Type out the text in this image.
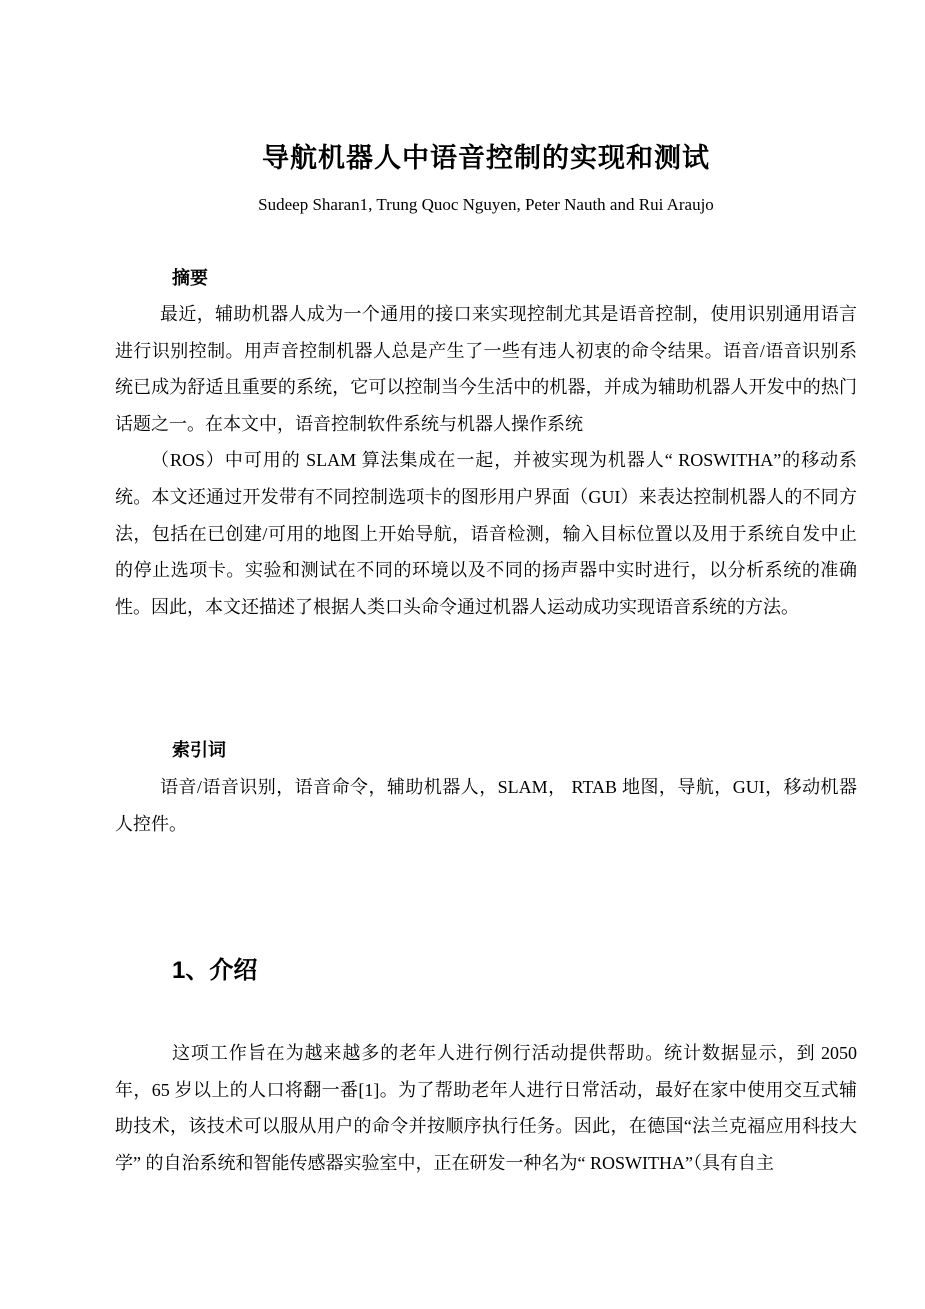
导航机器人中语音控制的实现和测试
Sudeep Sharan1, Trung Quoc Nguyen, Peter Nauth and Rui Araujo
摘要

最近，辅助机器人成为一个通用的接口来实现控制尤其是语音控制，使用识别通用语言进行识别控制。用声音控制机器人总是产生了一些有违人初衷的命令结果。语音/语音识别系统已成为舒适且重要的系统，它可以控制当今生活中的机器，并成为辅助机器人开发中的热门话题之一。在本文中，语音控制软件系统与机器人操作系统

（ROS）中可用的 SLAM 算法集成在一起，并被实现为机器人“ ROSWITHA”的移动系统。本文还通过开发带有不同控制选项卡的图形用户界面（GUI）来表达控制机器人的不同方法，包括在已创建/可用的地图上开始导航，语音检测，输入目标位置以及用于系统自发中止的停止选项卡。实验和测试在不同的环境以及不同的扬声器中实时进行，以分析系统的准确性。因此，本文还描述了根据人类口头命令通过机器人运动成功实现语音系统的方法。

索引词

语音/语音识别，语音命令，辅助机器人，SLAM， RTAB 地图，导航，GUI，移动机器人控件。

1、介绍

这项工作旨在为越来越多的老年人进行例行活动提供帮助。统计数据显示，到 2050 年，65 岁以上的人口将翻一番[1]。为了帮助老年人进行日常活动，最好在家中使用交互式辅助技术，该技术可以服从用户的命令并按顺序执行任务。因此，在德国“法兰克福应用科技大学” 的自治系统和智能传感器实验室中，正在研发一种名为“ ROSWITHA”（具有自主
